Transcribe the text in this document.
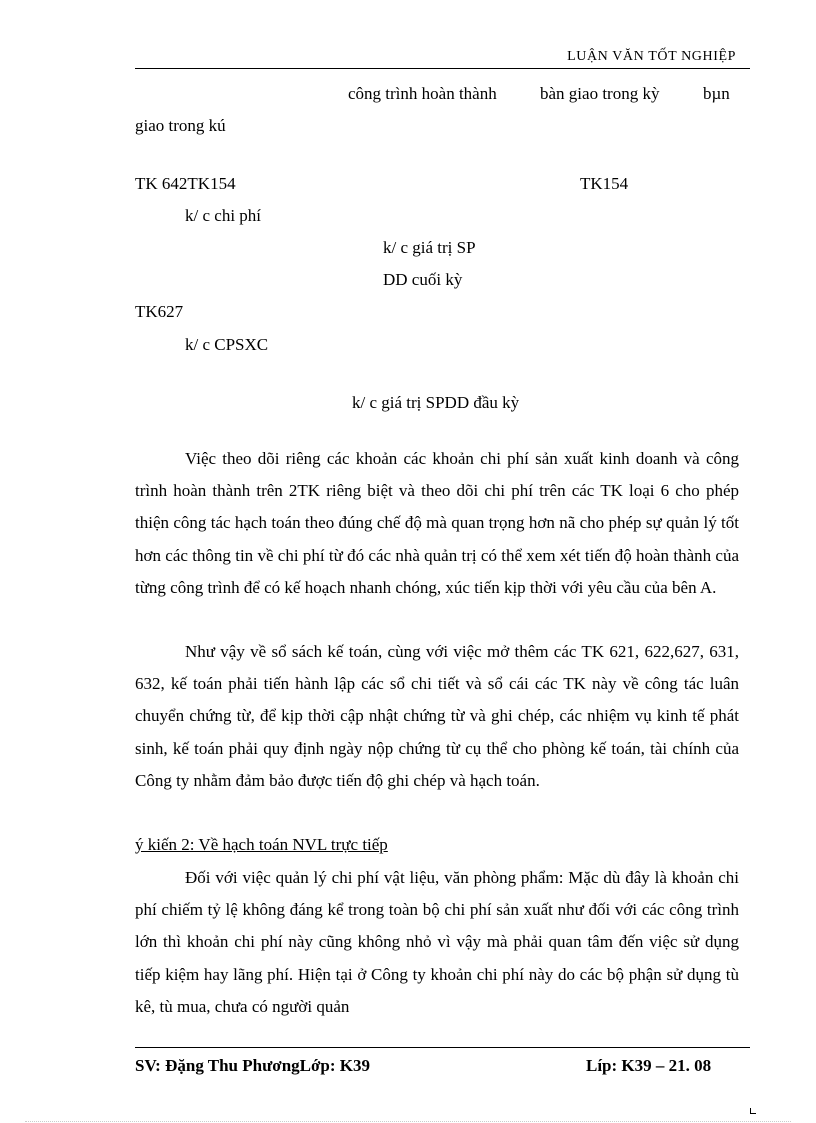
LUẬN VĂN TỐT NGHIỆP
công trình hoàn thành	bàn giao trong kỳ	bµn
giao trong kú
TK 642TK154	TK154
k/ c chi phí
k/ c giá trị SP
DD cuối kỳ
TK627
k/ c CPSXC
k/ c giá trị SPDD đầu kỳ
Việc theo dõi riêng các khoản các khoản chi phí sản xuất kinh doanh và công trình hoàn thành trên 2TK riêng biệt và theo dõi chi phí trên các TK loại 6 cho phép thiện công tác hạch toán theo đúng chế độ mà quan trọng hơn nã cho phép sự quản lý tốt hơn các thông tin về chi phí từ đó các nhà quản trị có thể xem xét tiến độ hoàn thành của từng công trình để có kế hoạch nhanh chóng, xúc tiến kịp thời với yêu cầu của bên A.
Như vậy về sổ sách kế toán, cùng với việc mở thêm các TK 621, 622,627, 631, 632, kế toán phải tiến hành lập các sổ chi tiết và sổ cái các TK này về công tác luân chuyển chứng từ, để kịp thời cập nhật chứng từ và ghi chép, các nhiệm vụ kinh tế phát sinh, kế toán phải quy định ngày nộp chứng từ cụ thể cho phòng kế toán, tài chính của Công ty nhằm đảm bảo được tiến độ ghi chép và hạch toán.
ý kiến 2: Về hạch toán NVL trực tiếp
Đối với việc quản lý chi phí vật liệu, văn phòng phẩm: Mặc dù đây là khoản chi phí chiếm tỷ lệ không đáng kể trong toàn bộ chi phí sản xuất như đối với các công trình lớn thì khoản chi phí này cũng không nhỏ vì vậy mà phải quan tâm đến việc sử dụng tiếp kiệm hay lãng phí. Hiện tại ở Công ty khoản chi phí này do các bộ phận sử dụng tù kê, tù mua, chưa có người quản
SV: Đặng Thu PhươngLớp: K39	Líp: K39 – 21. 08
